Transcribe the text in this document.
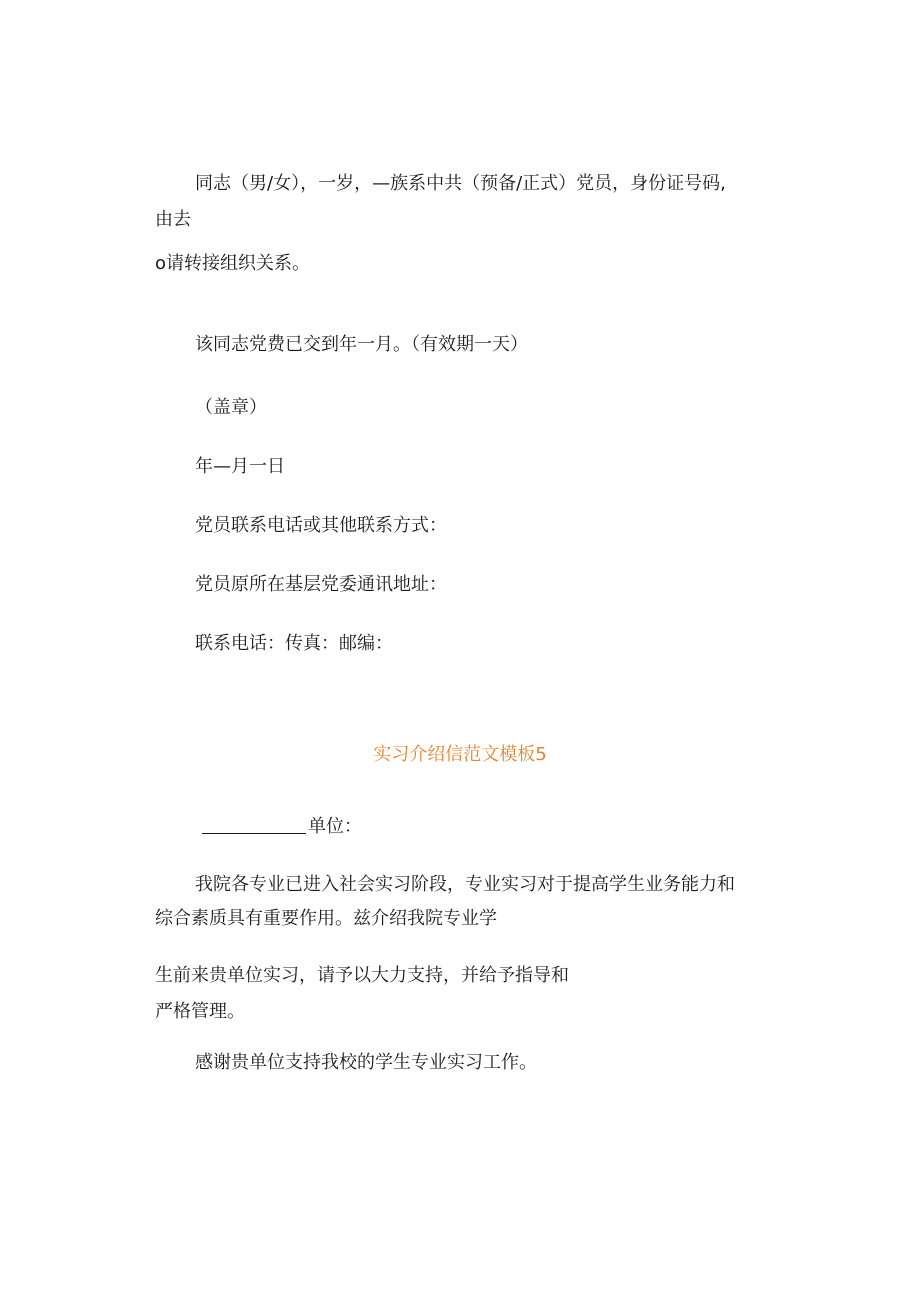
同志（男/女），一岁，—族系中共（预备/正式）党员，身份证号码,
由去
o请转接组织关系。
该同志党费已交到年一月。（有效期一天）
（盖章）
年—月一日
党员联系电话或其他联系方式：
党员原所在基层党委通讯地址：
联系电话：传真：邮编：
实习介绍信范文模板5
单位：
我院各专业已进入社会实习阶段，专业实习对于提高学生业务能力和
综合素质具有重要作用。兹介绍我院专业学
生前来贵单位实习，请予以大力支持，并给予指导和
严格管理。
感谢贵单位支持我校的学生专业实习工作。
